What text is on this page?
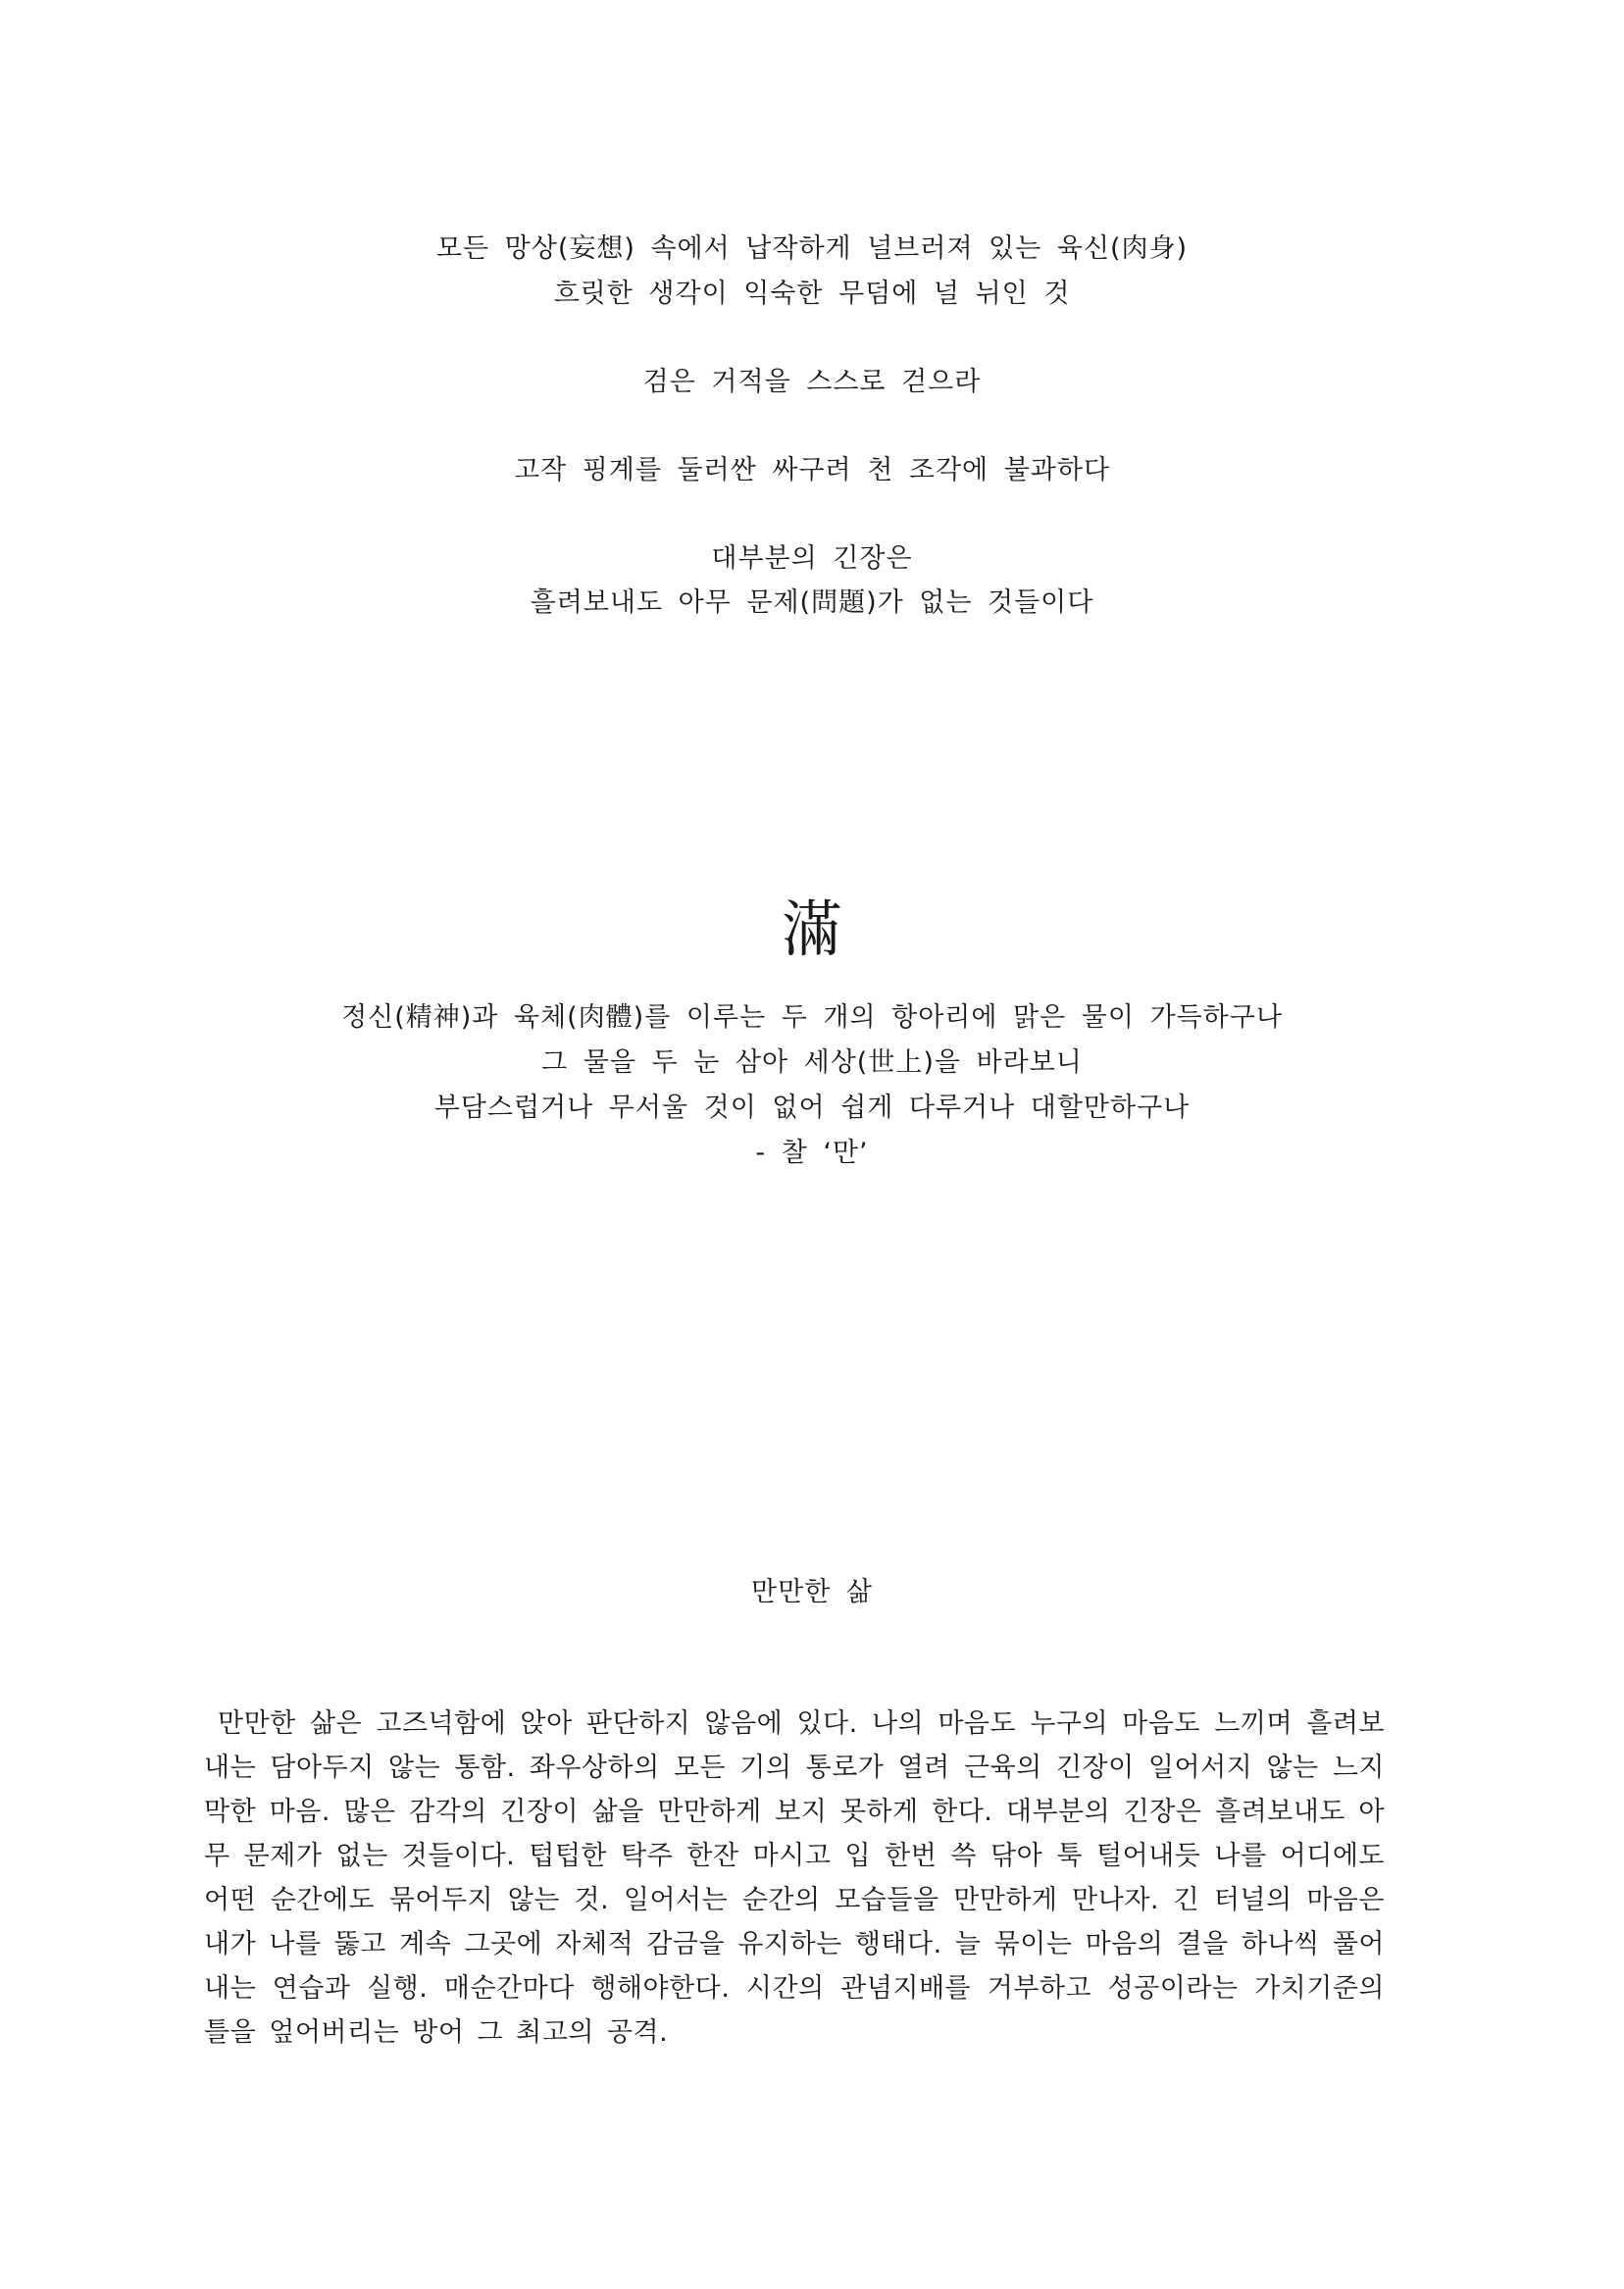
모든 망상(妄想) 속에서 납작하게 널브러져 있는 육신(肉身)
흐릿한 생각이 익숙한 무덤에 널 뉘인 것
검은 거적을 스스로 걷으라
고작 핑계를 둘러싼 싸구려 천 조각에 불과하다
대부분의 긴장은
흘려보내도 아무 문제(問題)가 없는 것들이다
滿
정신(精神)과 육체(肉體)를 이루는 두 개의 항아리에 맑은 물이 가득하구나
그 물을 두 눈 삼아 세상(世上)을 바라보니
부담스럽거나 무서울 것이 없어 쉽게 다루거나 대할만하구나
- 찰 ‘만’
만만한 삶
만만한 삶은 고즈넉함에 앉아 판단하지 않음에 있다. 나의 마음도 누구의 마음도 느끼며 흘려보내는 담아두지 않는 통함. 좌우상하의 모든 기의 통로가 열려 근육의 긴장이 일어서지 않는 느지막한 마음. 많은 감각의 긴장이 삶을 만만하게 보지 못하게 한다. 대부분의 긴장은 흘려보내도 아무 문제가 없는 것들이다. 텁텁한 탁주 한잔 마시고 입 한번 쓱 닦아 툭 털어내듯 나를 어디에도 어떤 순간에도 묶어두지 않는 것. 일어서는 순간의 모습들을 만만하게 만나자. 긴 터널의 마음은 내가 나를 뚫고 계속 그곳에 자체적 감금을 유지하는 행태다. 늘 묶이는 마음의 결을 하나씩 풀어내는 연습과 실행. 매순간마다 행해야한다. 시간의 관념지배를 거부하고 성공이라는 가치기준의 틀을 엎어버리는 방어 그 최고의 공격.
